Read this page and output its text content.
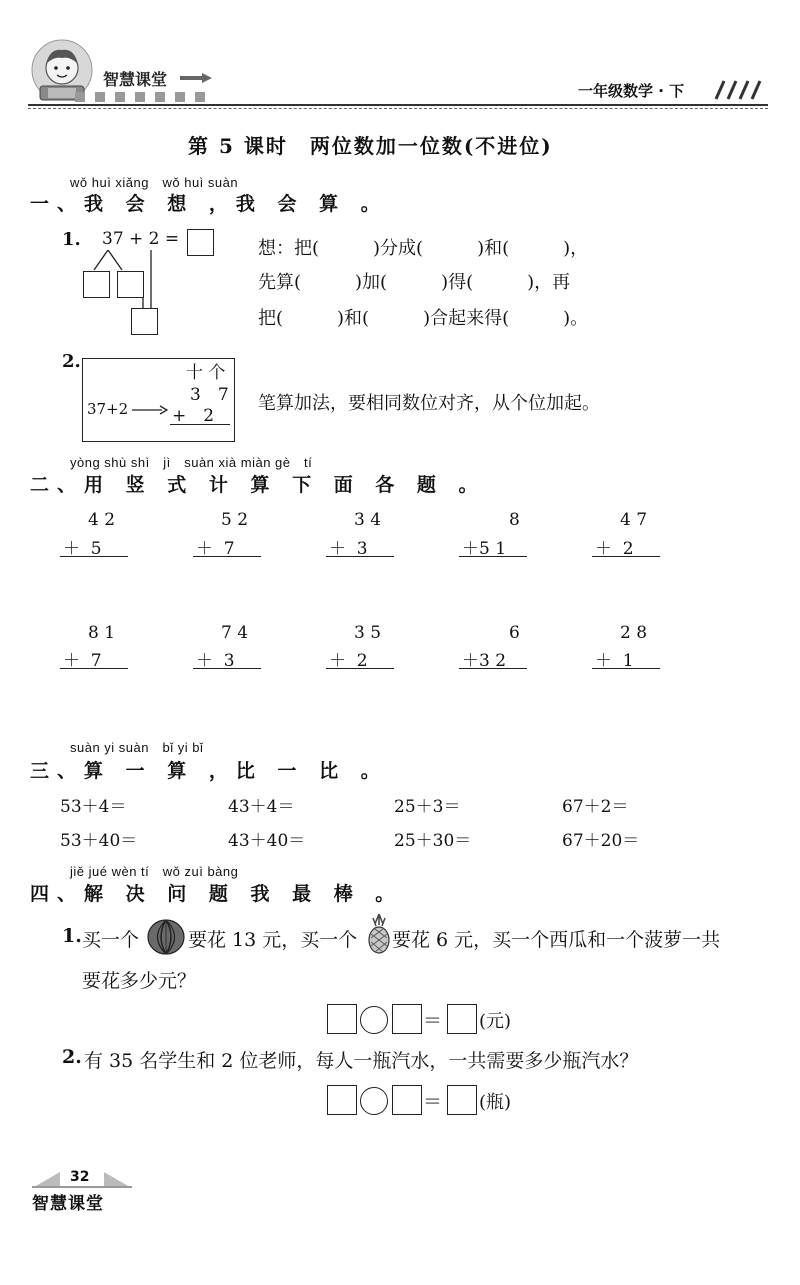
智慧课堂
一年级数学 · 下
第 5 课时　两位数加一位数(不进位)
wǒ huì xiǎng　wǒ huì suàn
一、我 会 想 ，我 会 算 。
1. 37 + 2 =	想：把(　　　)分成(　　　)和(　　　)，
先算(　　　)加(　　　)得(　　　)，再
把(　　　)和(　　　)合起来得(　　　)。
2.
十 个
37+2
3　7
+　2
笔算加法，要相同数位对齐，从个位加起。
yòng shù shì　jì　suàn xià miàn gè　tí
二、用 竖 式 计 算 下 面 各 题 。
4 2
＋  5
5 2
＋  7
3 4
＋  3
8
＋5 1
4 7
＋  2
8 1
＋  7
7 4
＋  3
3 5
＋  2
6
＋3 2
2 8
＋  1
suàn yi suàn　bǐ yi bǐ
三、算 一 算 ，比 一 比 。
53＋4＝	43＋4＝	25＋3＝	67＋2＝
53＋40＝	43＋40＝	25＋30＝	67＋20＝
jiě jué wèn tí　wǒ zuì bàng
四、解 决 问 题 我 最 棒 。
1. 买一个	要花 13 元，买一个 要花 6 元，买一个西瓜和一个菠萝一共
要花多少元？
＝ (元)
2. 有 35 名学生和 2 位老师，每人一瓶汽水，一共需要多少瓶汽水？
＝ (瓶)
32
智慧课堂
